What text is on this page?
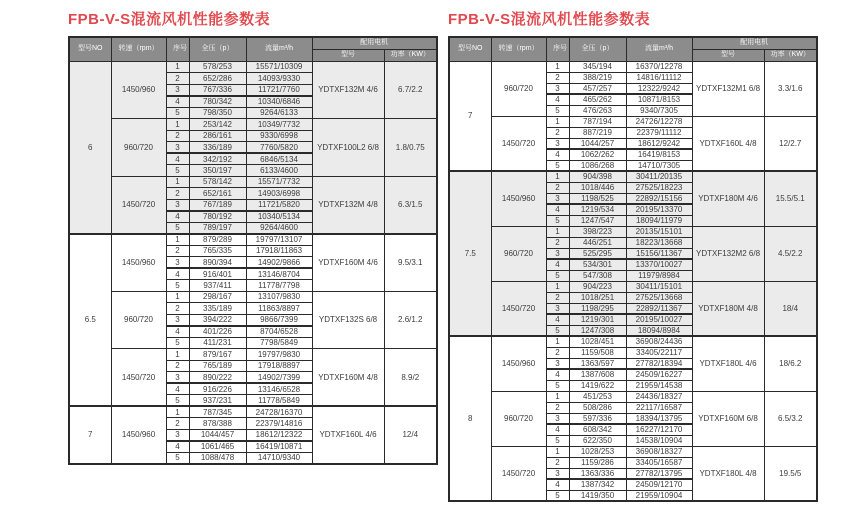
FPB-V-S混流风机性能参数表
型号NO	转速（rpm）	序号	全压（p）	流量m³/h	配用电机	
					型号	功率（KW）
6	1450/960	1	578/253	15571/10309	YDTXF132M 4/6	6.7/2.2
		2	652/286	14093/9330		
		3	767/336	11721/7760		
		4	780/342	10340/6846		
		5	798/350	9264/6133		
	960/720	1	253/142	10349/7732	YDTXF100L2 6/8	1.8/0.75
		2	286/161	9330/6998		
		3	336/189	7760/5820		
		4	342/192	6846/5134		
		5	350/197	6133/4600		
	1450/720	1	578/142	15571/7732	YDTXF132M 4/8	6.3/1.5
		2	652/161	14903/6998		
		3	767/189	11721/5820		
		4	780/192	10340/5134		
		5	789/197	9264/4600		
6.5	1450/960	1	879/289	19797/13107	YDTXF160M 4/6	9.5/3.1
		2	765/335	17918/11863		
		3	890/394	14902/9866		
		4	916/401	13146/8704		
		5	937/411	11778/7798		
	960/720	1	298/167	13107/9830	YDTXF132S 6/8	2.6/1.2
		2	335/189	11863/8897		
		3	394/222	9866/7399		
		4	401/226	8704/6528		
		5	411/231	7798/5849		
	1450/720	1	879/167	19797/9830	YDTXF160M 4/8	8.9/2
		2	765/189	17918/8897		
		3	890/222	14902/7399		
		4	916/226	13146/6528		
		5	937/231	11778/5849		
7	1450/960	1	787/345	24728/16370	YDTXF160L 4/6	12/4
		2	878/388	22379/14816		
		3	1044/457	18612/12322		
		4	1061/465	16419/10871		
		5	1088/478	14710/9340		
FPB-V-S混流风机性能参数表
型号NO	转速（rpm）	序号	全压（p）	流量m³/h	配用电机	
					型号	功率（KW）
7	960/720	1	345/194	16370/12278	YDTXF132M1 6/8	3.3/1.6
		2	388/219	14816/11112		
		3	457/257	12322/9242		
		4	465/262	10871/8153		
		5	476/263	9340/7305		
	1450/720	1	787/194	24726/12278	YDTXF160L 4/8	12/2.7
		2	887/219	22379/11112		
		3	1044/257	18612/9242		
		4	1062/262	16419/8153		
		5	1086/268	14710/7305		
7.5	1450/960	1	904/398	30411/20135	YDTXF180M 4/6	15.5/5.1
		2	1018/446	27525/18223		
		3	1198/525	22892/15156		
		4	1219/534	20195/13370		
		5	1247/547	18094/11979		
	960/720	1	398/223	20135/15101	YDTXF132M2 6/8	4.5/2.2
		2	446/251	18223/13668		
		3	525/295	15156/11367		
		4	534/301	13370/10027		
		5	547/308	11979/8984		
	1450/720	1	904/223	30411/15101	YDTXF180M 4/8	18/4
		2	1018/251	27525/13668		
		3	1198/295	22892/11367		
		4	1219/301	20195/10027		
		5	1247/308	18094/8984		
8	1450/960	1	1028/451	36908/24436	YDTXF180L 4/6	18/6.2
		2	1159/508	33405/22117		
		3	1363/597	27782/18394		
		4	1387/608	24509/16227		
		5	1419/622	21959/14538		
	960/720	1	451/253	24436/18327	YDTXF160M 6/8	6.5/3.2
		2	508/286	22117/16587		
		3	597/336	18394/13795		
		4	608/342	16227/12170		
		5	622/350	14538/10904		
	1450/720	1	1028/253	36908/18327	YDTXF180L 4/8	19.5/5
		2	1159/286	33405/16587		
		3	1363/336	27782/13795		
		4	1387/342	24509/12170		
		5	1419/350	21959/10904		
